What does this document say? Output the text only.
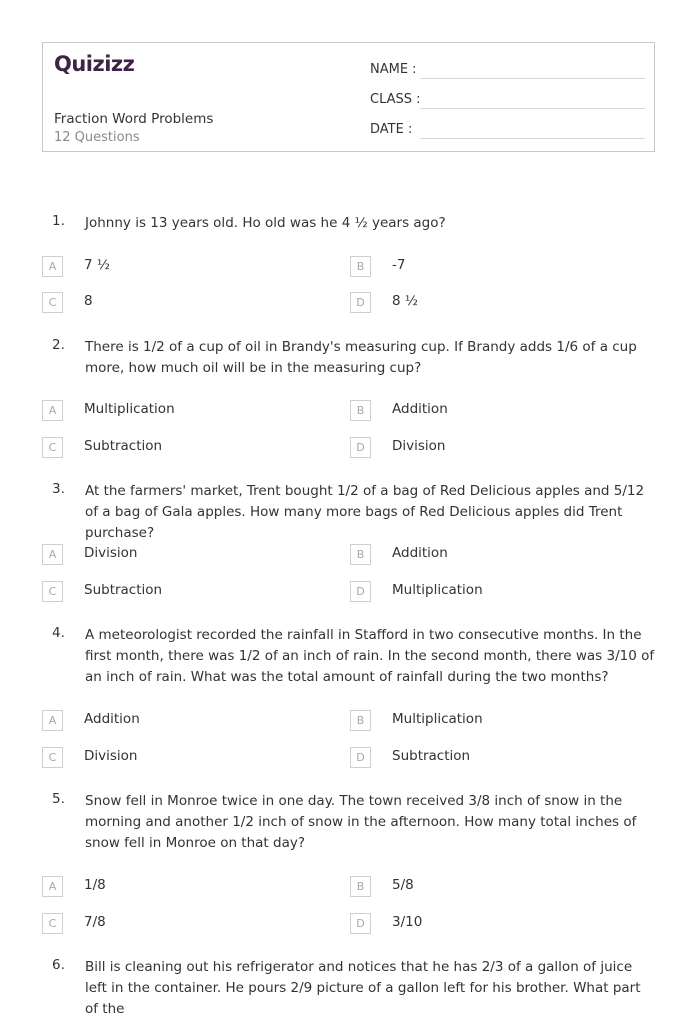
Quizizz
Fraction Word Problems
12 Questions
NAME :
CLASS :
DATE :
1. Johnny is 13 years old. Ho old was he 4 ½ years ago?

A	7 ½	B	-7
C	8	D	8 ½
2. There is 1/2 of a cup of oil in Brandy's measuring cup. If Brandy adds 1/6 of a cup more, how much oil will be in the measuring cup?

A	Multiplication	B	Addition
C	Subtraction	D	Division
3. At the farmers' market, Trent bought 1/2 of a bag of Red Delicious apples and 5/12 of a bag of Gala apples. How many more bags of Red Delicious apples did Trent purchase?

A	Division	B	Addition
C	Subtraction	D	Multiplication
4. A meteorologist recorded the rainfall in Stafford in two consecutive months. In the first month, there was 1/2 of an inch of rain. In the second month, there was 3/10 of an inch of rain. What was the total amount of rainfall during the two months?

A	Addition	B	Multiplication
C	Division	D	Subtraction
5. Snow fell in Monroe twice in one day. The town received 3/8 inch of snow in the morning and another 1/2 inch of snow in the afternoon. How many total inches of snow fell in Monroe on that day?

A	1/8	B	5/8
C	7/8	D	3/10
6. Bill is cleaning out his refrigerator and notices that he has 2/3 of a gallon of juice left in the container. He pours 2/9 picture of a gallon left for his brother. What part of the
